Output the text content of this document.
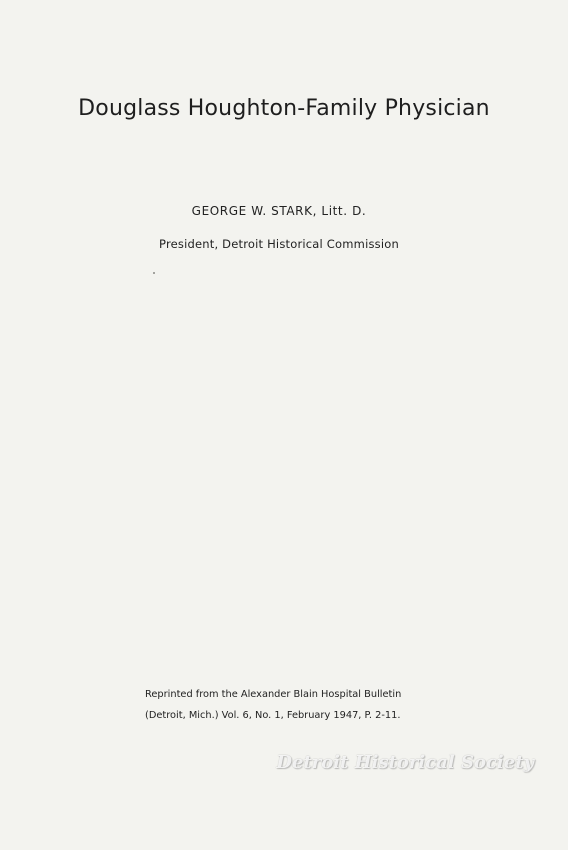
Douglass Houghton-Family Physician
GEORGE W. STARK, Litt. D.
President, Detroit Historical Commission
Reprinted from the Alexander Blain Hospital Bulletin
(Detroit, Mich.) Vol. 6, No. 1, February 1947, P. 2-11.
Detroit Historical Society
